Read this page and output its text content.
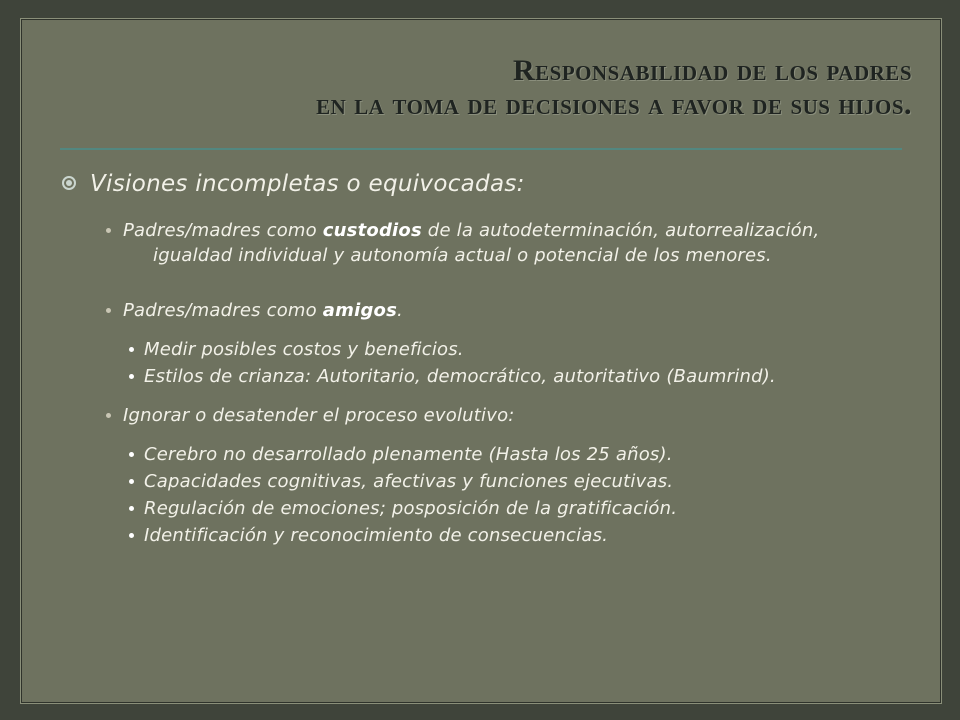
Responsabilidad de los padres
en la toma de decisiones a favor de sus hijos.
Visiones incompletas o equivocadas:
Padres/madres como custodios de la autodeterminación, autorrealización, igualdad individual y autonomía actual o potencial de los menores.
Padres/madres como amigos.
Medir posibles costos y beneficios.
Estilos de crianza: Autoritario, democrático, autoritativo (Baumrind).
Ignorar o desatender el proceso evolutivo:
Cerebro no desarrollado plenamente (Hasta los 25 años).
Capacidades cognitivas, afectivas y funciones ejecutivas.
Regulación de emociones; posposición de la gratificación.
Identificación y reconocimiento de consecuencias.
